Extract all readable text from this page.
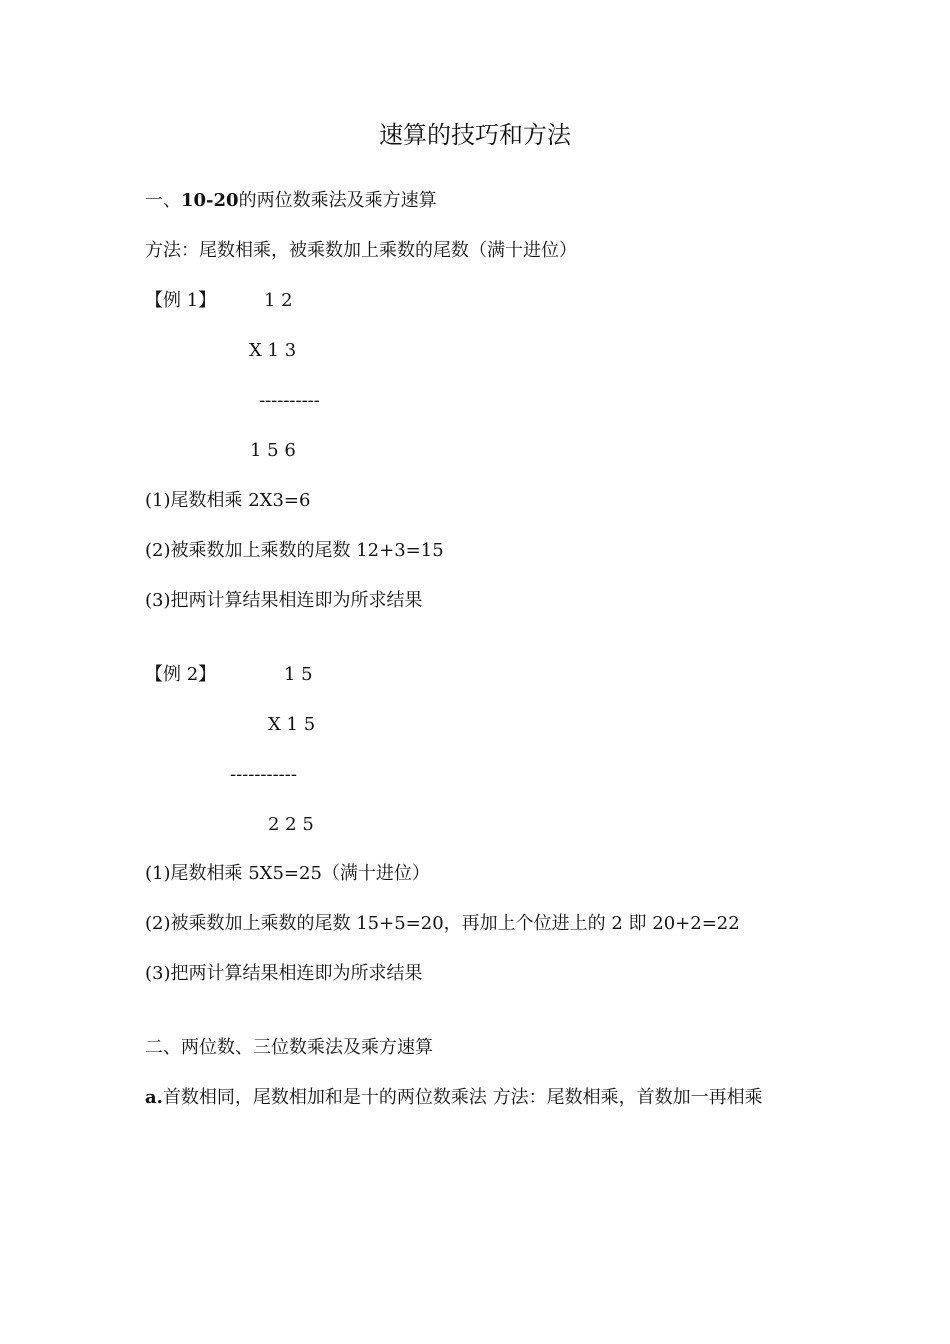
速算的技巧和方法
一、10-20的两位数乘法及乘方速算
方法：尾数相乘，被乘数加上乘数的尾数（满十进位）
【例 1】	1 2
X 1 3
----------
1 5 6
(1)尾数相乘 2X3=6
(2)被乘数加上乘数的尾数 12+3=15
(3)把两计算结果相连即为所求结果
【例 2】	1 5
X 1 5
-----------
2 2 5
(1)尾数相乘 5X5=25（满十进位）
(2)被乘数加上乘数的尾数 15+5=20，再加上个位进上的 2 即 20+2=22
(3)把两计算结果相连即为所求结果
二、两位数、三位数乘法及乘方速算
a.首数相同，尾数相加和是十的两位数乘法 方法：尾数相乘，首数加一再相乘
